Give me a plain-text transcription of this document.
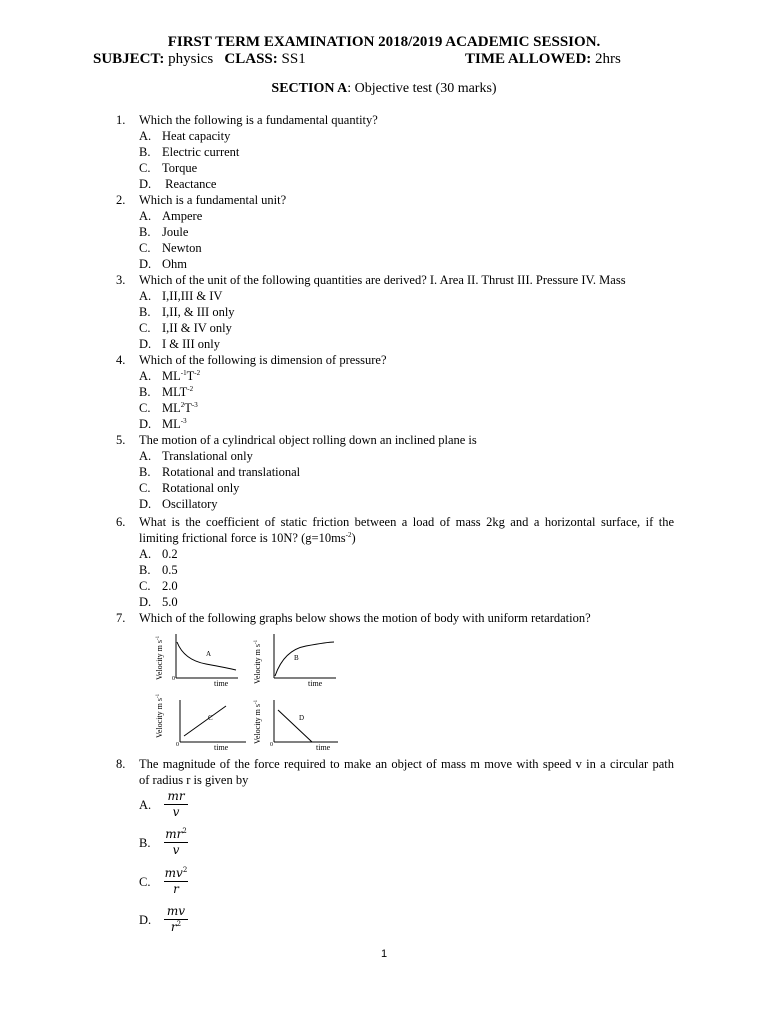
FIRST TERM EXAMINATION 2018/2019 ACADEMIC SESSION.
SUBJECT: physics CLASS: SS1	TIME ALLOWED: 2hrs
SECTION A: Objective test (30 marks)
1. Which the following is a fundamental quantity?
A. Heat capacity
B. Electric current
C. Torque
D. Reactance
2. Which is a fundamental unit?
A. Ampere
B. Joule
C. Newton
D. Ohm
3. Which of the unit of the following quantities are derived? I. Area II. Thrust III. Pressure IV. Mass
A. I,II,III & IV
B. I,II, & III only
C. I,II & IV only
D. I & III only
4. Which of the following is dimension of pressure?
A. $ML^{-1}T^{-2}$
B. $MLT^{-2}$
C. $ML^2T^{-3}$
D. $ML^{-3}$
5. The motion of a cylindrical object rolling down an inclined plane is
A. Translational only
B. Rotational and translational
C. Rotational only
D. Oscillatory
6. What is the coefficient of static friction between a load of mass 2kg and a horizontal surface, if the
limiting frictional force is 10N? $(g=10ms^{-2})$
A. 0.2
B. 0.5
C. 2.0
D. 5.0
7. Which of the following graphs below shows the motion of body with uniform retardation?
8. The magnitude of the force required to make an object of mass m move with speed v in a circular path
of radius r is given by
Velocity m $s^{-1}$
A
0	time	Velocity m $s^{-1}$
B
time
Velocity m $s^{-1}$
C
0	time
Velocity m $s^{-1}$
D
0	time
A. $\frac{mr}{v}$
B. $\frac{mr^2}{v}$
C. $\frac{mv^2}{r}$
D. $\frac{mv}{r^2}$
1
